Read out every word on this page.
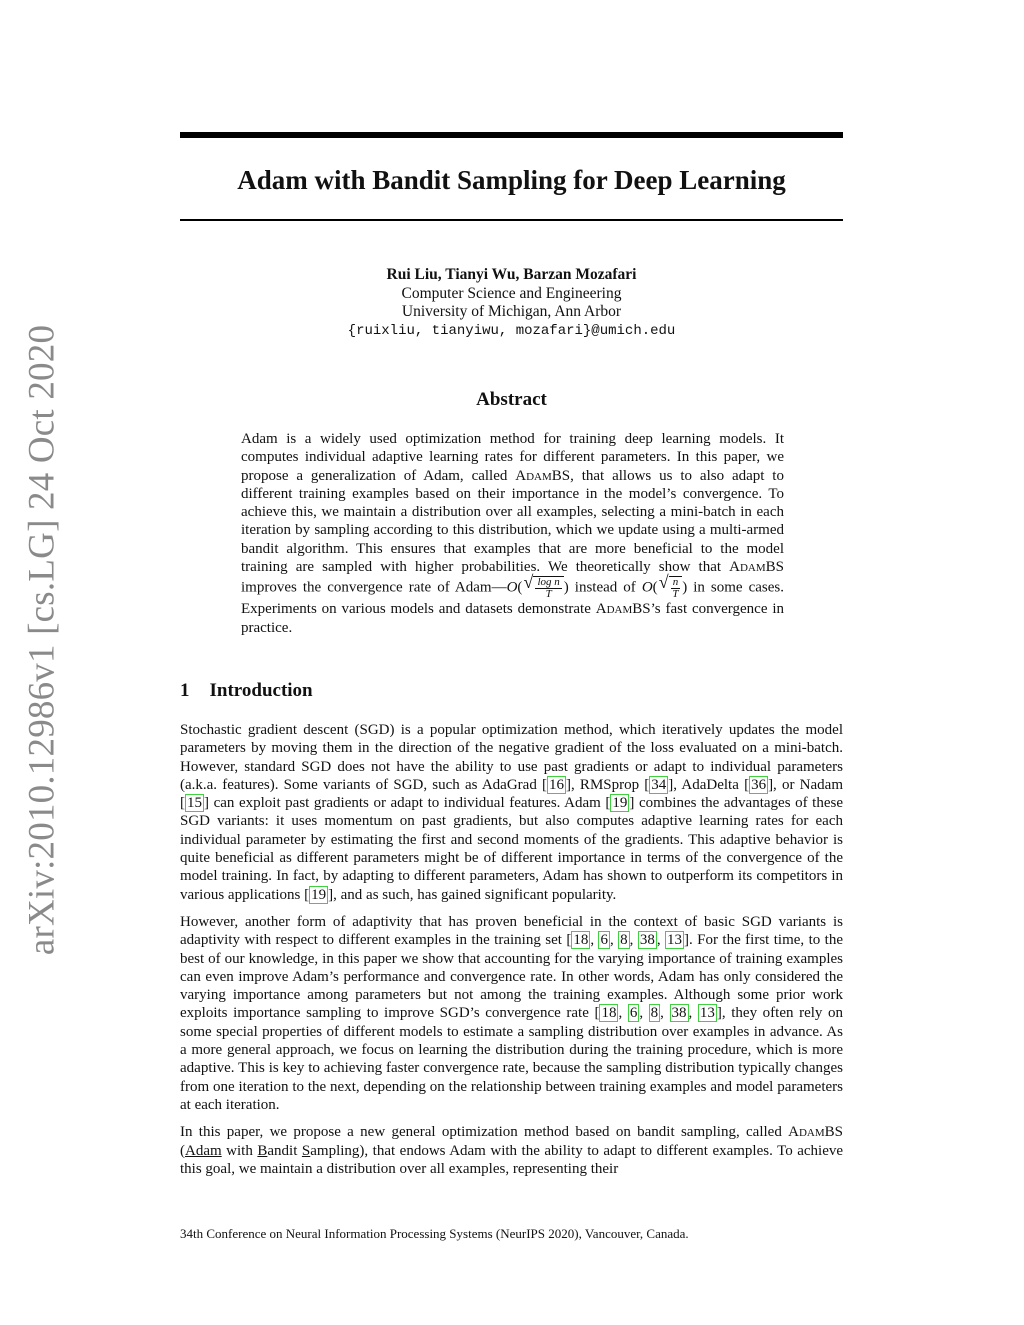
Adam with Bandit Sampling for Deep Learning
Rui Liu, Tianyi Wu, Barzan Mozafari
Computer Science and Engineering
University of Michigan, Ann Arbor
{ruixliu, tianyiwu, mozafari}@umich.edu
arXiv:2010.12986v1 [cs.LG] 24 Oct 2020	Abstract

Adam is a widely used optimization method for training deep learning models. It computes individual adaptive learning rates for different parameters. In this paper, we propose a generalization of Adam, called AdamBS, that allows us to also adapt to different training examples based on their importance in the model’s convergence. To achieve this, we maintain a distribution over all examples, selecting a mini-batch in each iteration by sampling according to this distribution, which we update using a multi-armed bandit algorithm. This ensures that examples that are more beneficial to the model training are sampled with higher probabilities. We theoretically show that AdamBS improves the convergence rate of Adam—O( √ $\frac{\text{log n}}{T}$ ) instead of O( √ $\frac{n}{T}$ ) in some cases. Experiments on various models and datasets demonstrate AdamBS’s fast convergence in practice.

1 Introduction

Stochastic gradient descent (SGD) is a popular optimization method, which iteratively updates the model parameters by moving them in the direction of the negative gradient of the loss evaluated on a mini-batch. However, standard SGD does not have the ability to use past gradients or adapt to individual parameters (a.k.a. features). Some variants of SGD, such as AdaGrad [ 16 ], RMSprop [ 34 ], AdaDelta [ 36 ], or Nadam [ 15 ] can exploit past gradients or adapt to individual features. Adam [ 19 ] combines the advantages of these SGD variants: it uses momentum on past gradients, but also computes adaptive learning rates for each individual parameter by estimating the first and second moments of the gradients. This adaptive behavior is quite beneficial as different parameters might be of different importance in terms of the convergence of the model training. In fact, by adapting to different parameters, Adam has shown to outperform its competitors in various applications [ 19 ], and as such, has gained significant popularity.

However, another form of adaptivity that has proven beneficial in the context of basic SGD variants is adaptivity with respect to different examples in the training set [ 18 , 6 , 8 , 38 , 13 ]. For the first time, to the best of our knowledge, in this paper we show that accounting for the varying importance of training examples can even improve Adam’s performance and convergence rate. In other words, Adam has only considered the varying importance among parameters but not among the training examples. Although some prior work exploits importance sampling to improve SGD’s convergence rate [ 18 , 6 , 8 , 38 , 13 ], they often rely on some special properties of different models to estimate a sampling distribution over examples in advance. As a more general approach, we focus on learning the distribution during the training procedure, which is more adaptive. This is key to achieving faster convergence rate, because the sampling distribution typically changes from one iteration to the next, depending on the relationship between training examples and model parameters at each iteration.

In this paper, we propose a new general optimization method based on bandit sampling, called AdamBS (Adam with Bandit Sampling), that endows Adam with the ability to adapt to different examples. To achieve this goal, we maintain a distribution over all examples, representing their

34th Conference on Neural Information Processing Systems (NeurIPS 2020), Vancouver, Canada.
